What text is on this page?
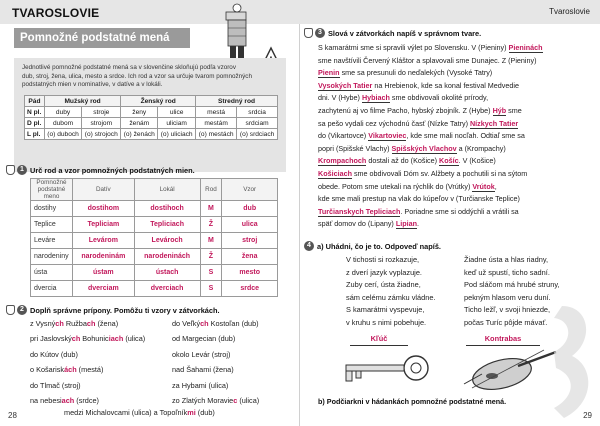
TVAROSLOVIE
Pomnožné podstatné mená
Jednotlivé pomnožné podstatné mená sa v slovenčine skloňujú podľa vzorov
dub, stroj, žena, ulica, mesto a srdce. Ich rod a vzor sa určuje tvarom pomnožných
podstatných mien v nominatíve, v datíve a v lokáli.
Pád	Mužský rod		Ženský rod		Stredný rod	
N pl.	duby	stroje	ženy	ulice	mestá	srdcia
D pl.	dubom	strojom	ženám	uliciam	mestám	srdciam
L pl.	(o) duboch	(o) strojoch	(o) ženách	(o) uliciach	(o) mestách	(o) srdciach
1 Urč rod a vzor pomnožných podstatných mien.
Pomnožné podstatné meno	Datív	Lokál	Rod	Vzor
dostihy	dostihom	dostihoch	M	dub
Teplice	Tepliciam	Tepliciach	Ž	ulica
Leváre	Levárom	Levároch	M	stroj
narodeniny	narodeninám	narodeninách	Ž	žena
ústa	ústam	ústach	S	mesto
dvercia	dverciam	dverciach	S	srdce
2 Doplň správne prípony. Pomôžu ti vzory v zátvorkách.
z Vysných Ružbach (žena)
pri Jaslovských Bohuniciach (ulica)
do Kútov (dub)
o Košariskách (mestá)
do Tlmač (stroj)
na nebesiach (srdce)
do Veľkých Kostoľan (dub)
od Margecian (dub)
okolo Levár (stroj)
nad Šahami (žena)
za Hybami (ulica)
zo Zlatých Moraviec (ulica)
medzi Michalovcami (ulica) a Topoľníkmi (dub)
28
Tvaroslovie
3 Slová v zátvorkách napíš v správnom tvare.
S kamarátmi sme si spravili výlet po Slovensku. V (Pieniny) Pieninách
sme navštívili Červený Kláštor a splavovali sme Dunajec. Z (Pieniny)
Pienin sme sa presunuli do neďalekých (Vysoké Tatry)
Vysokých Tatier na Hrebienok, kde sa konal festival Medvedie
dni. V (Hybe) Hybiach sme obdivovali okolité prírody,
zachytenú aj vo filme Pacho, hybský zbojník. Z (Hybe) Hýb sme
sa pešo vydali cez východnú časť (Nízke Tatry) Nízkych Tatier
do (Vikartovce) Vikartoviec, kde sme mali nocľah. Odtiaľ sme sa
popri (Spišské Vlachy) Spišských Vlachov a (Krompachy)
Krompachoch dostali až do (Košice) Košíc. V (Košice)
Košiciach sme obdivovali Dóm sv. Alžbety a pochutili si na sýtom
obede. Potom sme utekali na rýchlik do (Vrútky) Vrútok,
kde sme mali prestup na vlak do kúpeľov v (Turčianske Teplice)
Turčianskych Tepliciach. Poriadne sme si oddýchli a vrátili sa
späť domov do (Lipany) Lipian.
4 a) Uhádni, čo je to. Odpoveď napíš.
V tichosti si rozkazuje,
z dverí jazyk vyplazuje.
Zuby cerí, ústa žiadne,
sám celému zámku vládne.
S kamarátmi vyspevuje,
v kruhu s nimi pobehuje.
Kľúč
Žiadne ústa a hlas riadny,
keď už spustí, ticho sadní.
Pod sláčom má hrubé struny,
pekným hlasom veru duní.
Ticho ležľ, v svoji hniezde,
počas Turíc pôjde mávať.
Kontrabas
b) Podčiarkni v hádankách pomnožné podstatné mená.
29
